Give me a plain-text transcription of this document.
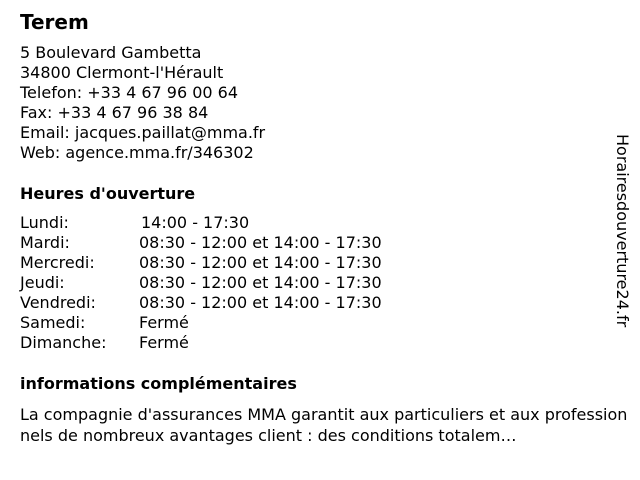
Terem
5 Boulevard Gambetta
34800 Clermont-l'Hérault
Telefon: +33 4 67 96 00 64
Fax: +33 4 67 96 38 84
Email: jacques.paillat@mma.fr
Web: agence.mma.fr/346302
Heures d'ouverture
Lundi:	14:00 - 17:30
Mardi:	08:30 - 12:00 et 14:00 - 17:30
Mercredi:	08:30 - 12:00 et 14:00 - 17:30
Jeudi:	08:30 - 12:00 et 14:00 - 17:30
Vendredi:	08:30 - 12:00 et 14:00 - 17:30
Samedi:	Fermé
Dimanche: Fermé
informations complémentaires
La compagnie d'assurances MMA garantit aux particuliers et aux professionnels de nombreux avantages client : des conditions totalem…
Horairesdouverture24.fr
